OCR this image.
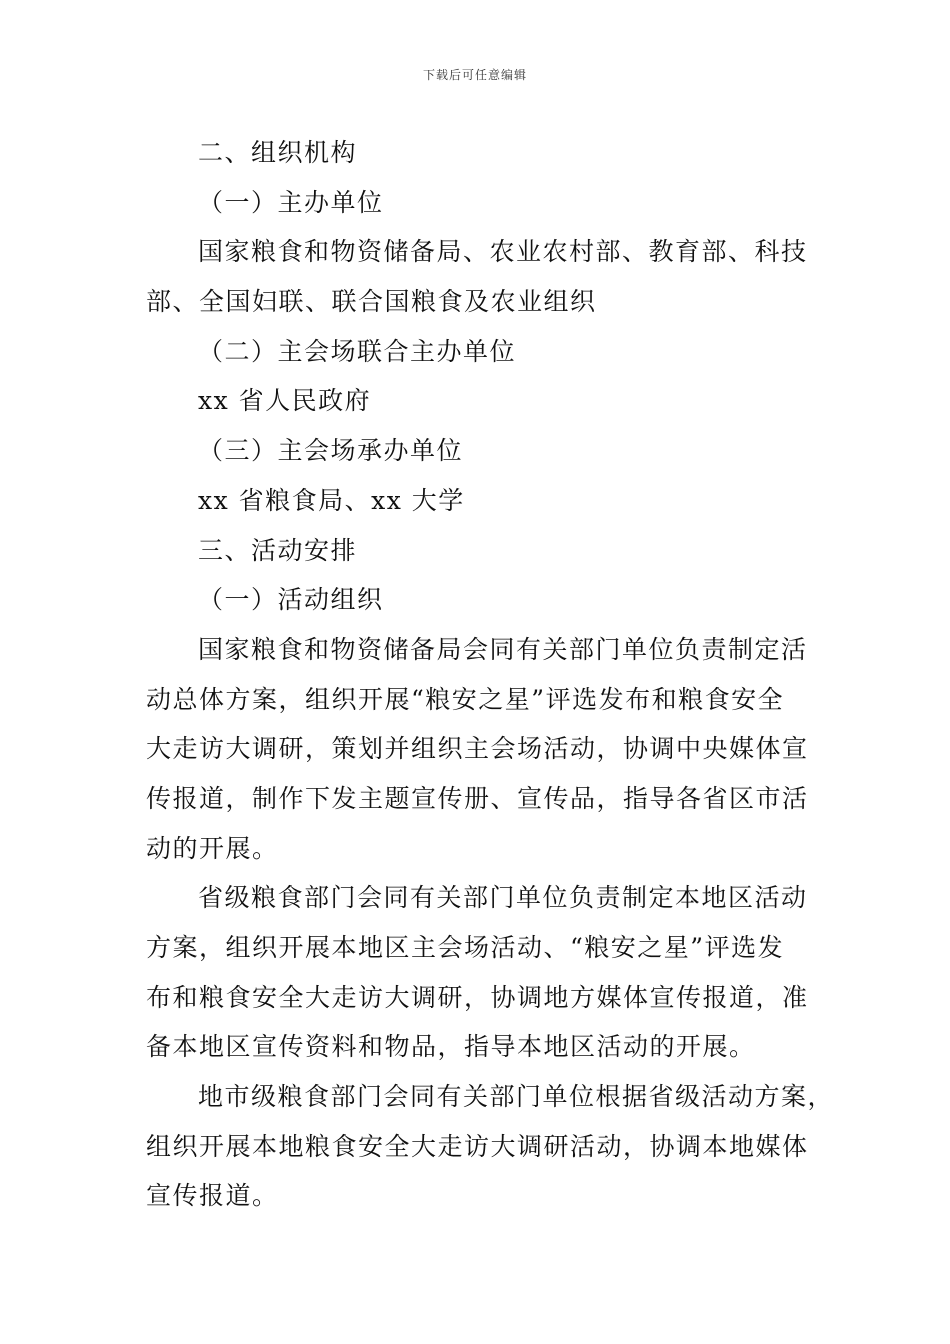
下载后可任意编辑
二、组织机构
（一）主办单位
国家粮食和物资储备局、农业农村部、教育部、科技
部、全国妇联、联合国粮食及农业组织
（二）主会场联合主办单位
xx 省人民政府
（三）主会场承办单位
xx 省粮食局、xx 大学
三、活动安排
（一）活动组织
国家粮食和物资储备局会同有关部门单位负责制定活
动总体方案，组织开展“粮安之星”评选发布和粮食安全
大走访大调研，策划并组织主会场活动，协调中央媒体宣
传报道，制作下发主题宣传册、宣传品，指导各省区市活
动的开展。
省级粮食部门会同有关部门单位负责制定本地区活动
方案，组织开展本地区主会场活动、“粮安之星”评选发
布和粮食安全大走访大调研，协调地方媒体宣传报道，准
备本地区宣传资料和物品，指导本地区活动的开展。
地市级粮食部门会同有关部门单位根据省级活动方案，
组织开展本地粮食安全大走访大调研活动，协调本地媒体
宣传报道。
